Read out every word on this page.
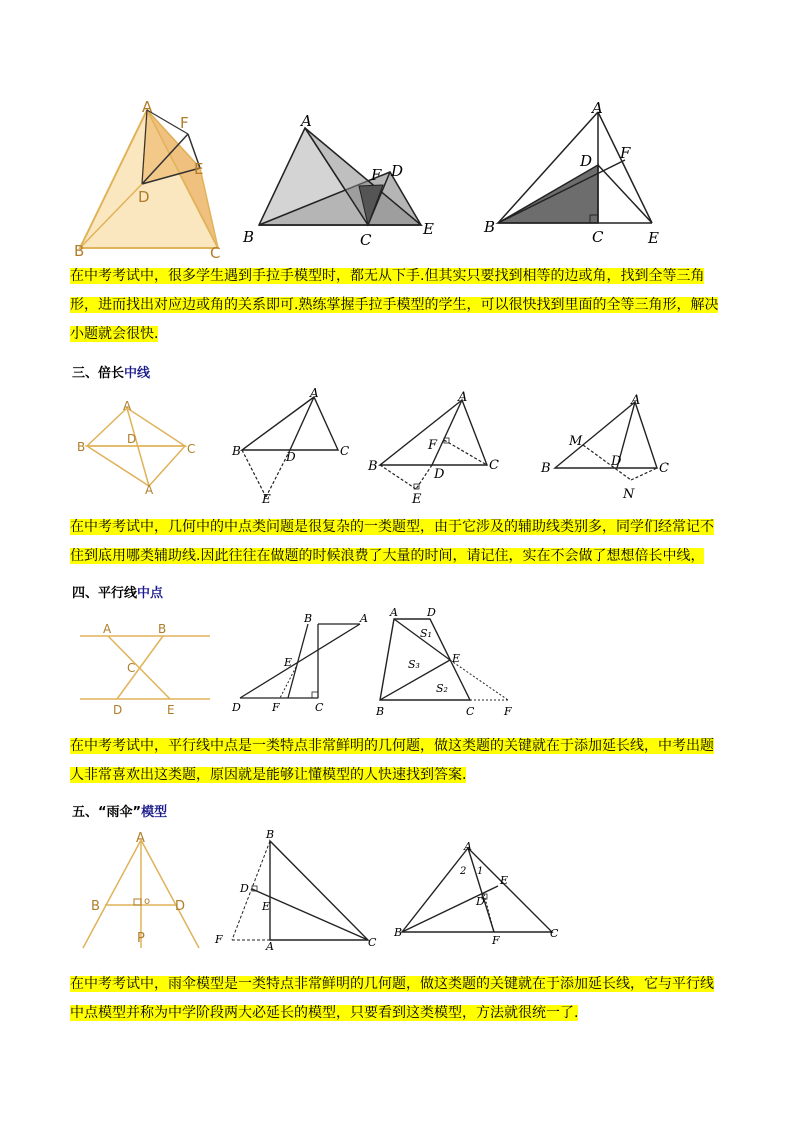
A
F
E
D
B	C
A
B	C
F D
E
A
B
C
D F
E
在中考考试中，很多学生遇到手拉手模型时，都无从下手.但其实只要找到相等的边或角，找到全等三角形，进而找出对应边或角的关系即可.熟练掌握手拉手模型的学生，可以很快找到里面的全等三角形，解决小题就会很快.
三、倍长中线
A
B
D
C
A
A
B	D	C
E
A
B
F
D
C
E
A
M
B	D	C
N
在中考考试中，几何中的中点类问题是很复杂的一类题型，由于它涉及的辅助线类别多，同学们经常记不住到底用哪类辅助线.因此往往在做题的时候浪费了大量的时间，请记住，实在不会做了想想倍长中线，
四、平行线中点
A	B
C
D	E
B	A
E
D	F	C
A	D
S₁
S₃	E
S₂
B	C	F
在中考考试中，平行线中点是一类特点非常鲜明的几何题，做这类题的关键就在于添加延长线，中考出题人非常喜欢出这类题，原因就是能够让懂模型的人快速找到答案.
五、“雨伞”模型
A
B	o D
P
B
D
E
F
A	C
A
2 1
E
D
B
F
C
在中考考试中，雨伞模型是一类特点非常鲜明的几何题，做这类题的关键就在于添加延长线，它与平行线中点模型并称为中学阶段两大必延长的模型，只要看到这类模型，方法就很统一了.
